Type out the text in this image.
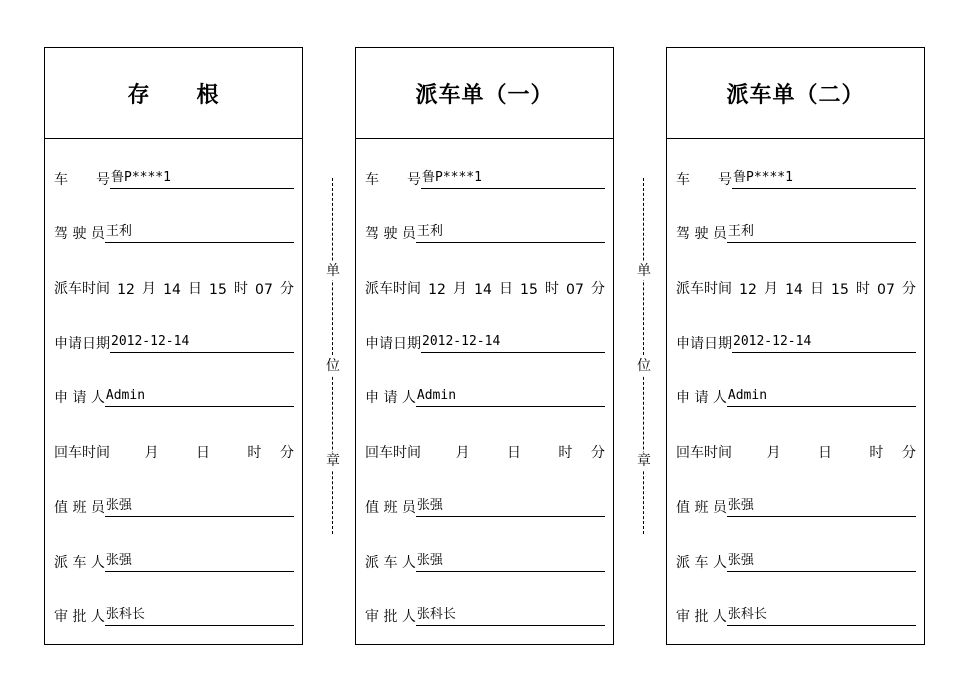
存　　根
车　　号 鲁P****1
驾 驶 员 王利
申请日期 2012-12-14
申 请 人 Admin
值 班 员 张强
派 车 人 张强
审 批 人 张科长
派车时间 12 月 14 日 15 时 07 分
回车时间 月	日	时 分
派车单（一）
车　　号 鲁P****1
驾 驶 员 王利
申请日期 2012-12-14
申 请 人 Admin
值 班 员 张强
派 车 人 张强
审 批 人 张科长
派车时间 12 月 14 日 15 时 07 分
回车时间 月	日	时 分
派车单（二）
车　　号 鲁P****1
驾 驶 员 王利
申请日期 2012-12-14
申 请 人 Admin
值 班 员 张强
派 车 人 张强
审 批 人 张科长
派车时间 12 月 14 日 15 时 07 分
回车时间 月	日	时 分
单
位
章
单
位
章
